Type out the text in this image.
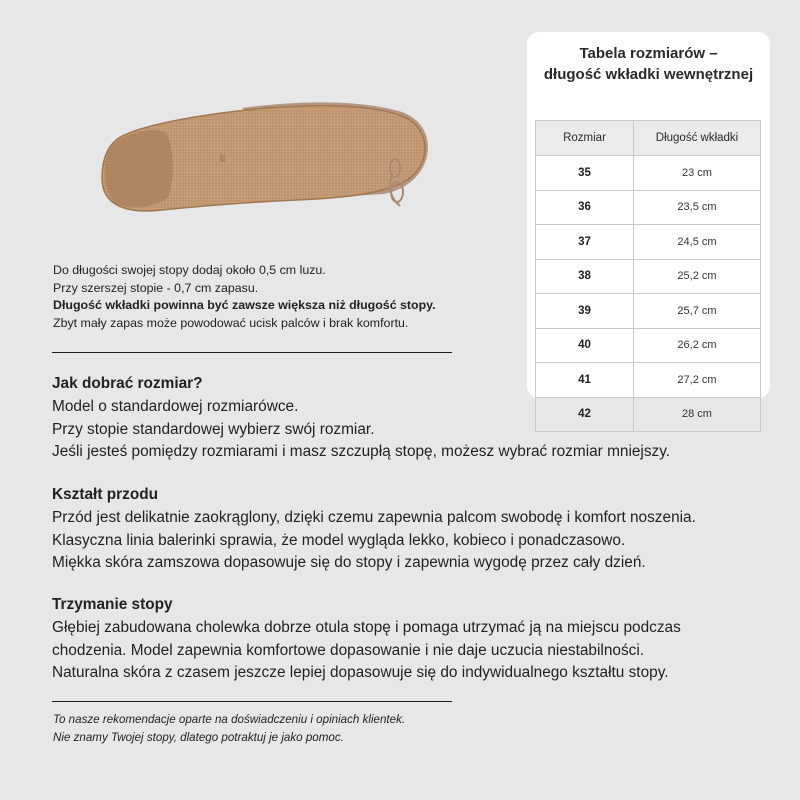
38

Do długości swojej stopy dodaj około 0,5 cm luzu.

Przy szerszej stopie - 0,7 cm zapasu.

Długość wkładki powinna być zawsze większa niż długość stopy.

Zbyt mały zapas może powodować ucisk palców i brak komfortu.

Tabela rozmiarów –
długość wkładki wewnętrznej
Rozmiar	Długość wkładki
35	23 cm
36	23,5 cm
37	24,5 cm
38	25,2 cm
39	25,7 cm
40	26,2 cm
41	27,2 cm
42	28 cm
Jak dobrać rozmiar?

Model o standardowej rozmiarówce.

Przy stopie standardowej wybierz swój rozmiar.

Jeśli jesteś pomiędzy rozmiarami i masz szczupłą stopę, możesz wybrać rozmiar mniejszy.

Kształt przodu

Przód jest delikatnie zaokrąglony, dzięki czemu zapewnia palcom swobodę i komfort noszenia.

Klasyczna linia balerinki sprawia, że model wygląda lekko, kobieco i ponadczasowo.

Miękka skóra zamszowa dopasowuje się do stopy i zapewnia wygodę przez cały dzień.

Trzymanie stopy

Głębiej zabudowana cholewka dobrze otula stopę i pomaga utrzymać ją na miejscu podczas

chodzenia. Model zapewnia komfortowe dopasowanie i nie daje uczucia niestabilności.

Naturalna skóra z czasem jeszcze lepiej dopasowuje się do indywidualnego kształtu stopy.

To nasze rekomendacje oparte na doświadczeniu i opiniach klientek.

Nie znamy Twojej stopy, dlatego potraktuj je jako pomoc.
